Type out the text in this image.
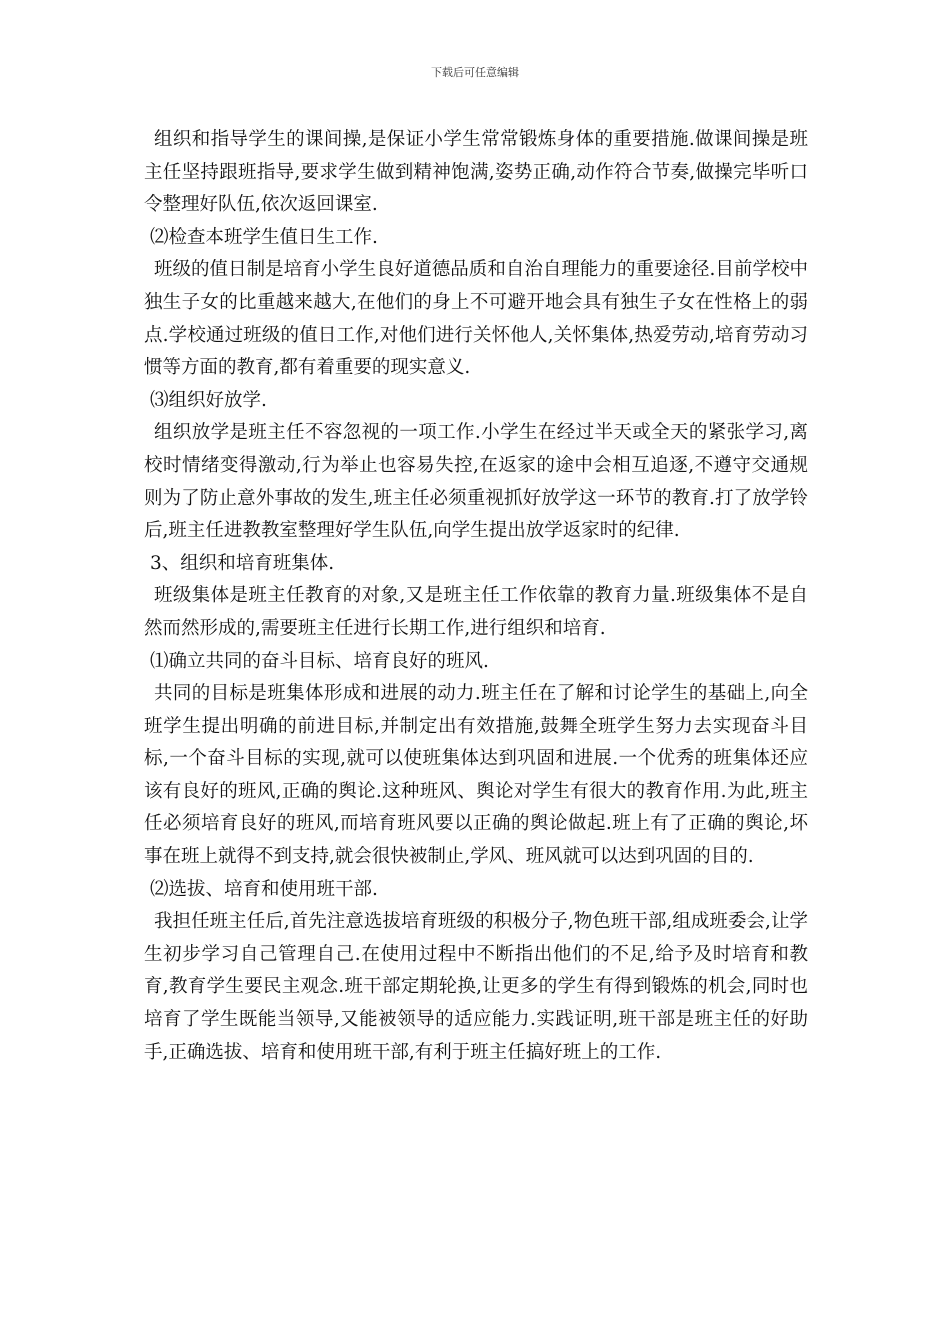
下载后可任意编辑

组织和指导学生的课间操,是保证小学生常常锻炼身体的重要措施.做课间操是班主任坚持跟班指导,要求学生做到精神饱满,姿势正确,动作符合节奏,做操完毕听口令整理好队伍,依次返回课室.

⑵检查本班学生值日生工作.

班级的值日制是培育小学生良好道德品质和自治自理能力的重要途径.目前学校中独生子女的比重越来越大,在他们的身上不可避开地会具有独生子女在性格上的弱点.学校通过班级的值日工作,对他们进行关怀他人,关怀集体,热爱劳动,培育劳动习惯等方面的教育,都有着重要的现实意义.

⑶组织好放学.

组织放学是班主任不容忽视的一项工作.小学生在经过半天或全天的紧张学习,离校时情绪变得激动,行为举止也容易失控,在返家的途中会相互追逐,不遵守交通规则为了防止意外事故的发生,班主任必须重视抓好放学这一环节的教育.打了放学铃后,班主任进教教室整理好学生队伍,向学生提出放学返家时的纪律.

3、组织和培育班集体.

班级集体是班主任教育的对象,又是班主任工作依靠的教育力量.班级集体不是自然而然形成的,需要班主任进行长期工作,进行组织和培育.

⑴确立共同的奋斗目标、培育良好的班风.

共同的目标是班集体形成和进展的动力.班主任在了解和讨论学生的基础上,向全班学生提出明确的前进目标,并制定出有效措施,鼓舞全班学生努力去实现奋斗目标,一个奋斗目标的实现,就可以使班集体达到巩固和进展.一个优秀的班集体还应该有良好的班风,正确的舆论.这种班风、舆论对学生有很大的教育作用.为此,班主任必须培育良好的班风,而培育班风要以正确的舆论做起.班上有了正确的舆论,坏事在班上就得不到支持,就会很快被制止,学风、班风就可以达到巩固的目的.

⑵选拔、培育和使用班干部.

我担任班主任后,首先注意选拔培育班级的积极分子,物色班干部,组成班委会,让学生初步学习自己管理自己.在使用过程中不断指出他们的不足,给予及时培育和教育,教育学生要民主观念.班干部定期轮换,让更多的学生有得到锻炼的机会,同时也培育了学生既能当领导,又能被领导的适应能力.实践证明,班干部是班主任的好助手,正确选拔、培育和使用班干部,有利于班主任搞好班上的工作.
